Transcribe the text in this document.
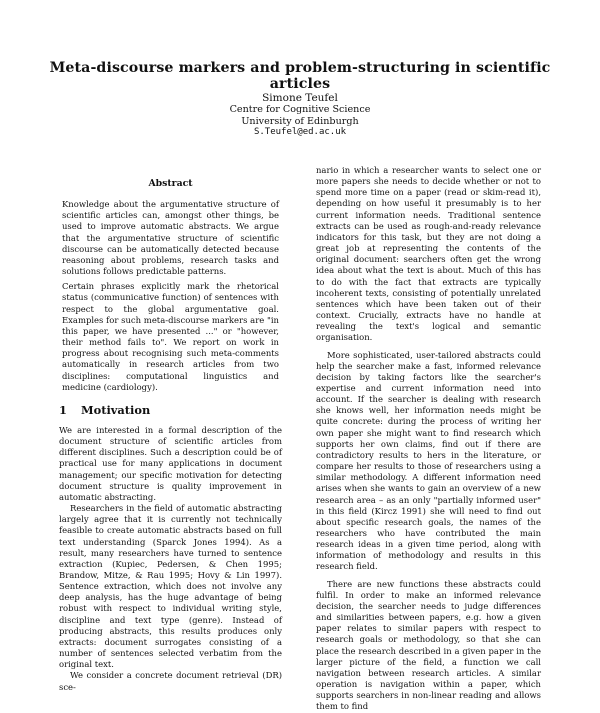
Meta-discourse markers and problem-structuring in scientific articles
Simone Teufel
Centre for Cognitive Science
University of Edinburgh
S.Teufel@ed.ac.uk
Abstract

Knowledge about the argumentative structure of scientific articles can, amongst other things, be used to improve automatic abstracts. We argue that the argumentative structure of scientific discourse can be automatically detected because reasoning about problems, research tasks and solutions follows predictable patterns.

Certain phrases explicitly mark the rhetorical status (communicative function) of sentences with respect to the global argumentative goal. Examples for such meta-discourse markers are "in this paper, we have presented ..." or "however, their method fails to". We report on work in progress about recognising such meta-comments automatically in research articles from two disciplines: computational linguistics and medicine (cardiology).

1 Motivation

We are interested in a formal description of the document structure of scientific articles from different disciplines. Such a description could be of practical use for many applications in document management; our specific motivation for detecting document structure is quality improvement in automatic abstracting.

Researchers in the field of automatic abstracting largely agree that it is currently not technically feasible to create automatic abstracts based on full text understanding (Sparck Jones 1994). As a result, many researchers have turned to sentence extraction (Kupiec, Pedersen, & Chen 1995; Brandow, Mitze, & Rau 1995; Hovy & Lin 1997). Sentence extraction, which does not involve any deep analysis, has the huge advantage of being robust with respect to individual writing style, discipline and text type (genre). Instead of producing abstracts, this results produces only extracts: document surrogates consisting of a number of sentences selected verbatim from the original text.

We consider a concrete document retrieval (DR) sce-

nario in which a researcher wants to select one or more papers she needs to decide whether or not to spend more time on a paper (read or skim-read it), depending on how useful it presumably is to her current information needs. Traditional sentence extracts can be used as rough-and-ready relevance indicators for this task, but they are not doing a great job at representing the contents of the original document: searchers often get the wrong idea about what the text is about. Much of this has to do with the fact that extracts are typically incoherent texts, consisting of potentially unrelated sentences which have been taken out of their context. Crucially, extracts have no handle at revealing the text's logical and semantic organisation.

More sophisticated, user-tailored abstracts could help the searcher make a fast, informed relevance decision by taking factors like the searcher's expertise and current information need into account. If the searcher is dealing with research she knows well, her information needs might be quite concrete: during the process of writing her own paper she might want to find research which supports her own claims, find out if there are contradictory results to hers in the literature, or compare her results to those of researchers using a similar methodology. A different information need arises when she wants to gain an overview of a new research area – as an only "partially informed user" in this field (Kircz 1991) she will need to find out about specific research goals, the names of the researchers who have contributed the main research ideas in a given time period, along with information of methodology and results in this research field.

There are new functions these abstracts could fulfil. In order to make an informed relevance decision, the searcher needs to judge differences and similarities between papers, e.g. how a given paper relates to similar papers with respect to research goals or methodology, so that she can place the research described in a given paper in the larger picture of the field, a function we call navigation between research articles. A similar operation is navigation within a paper, which supports searchers in non-linear reading and allows them to find
